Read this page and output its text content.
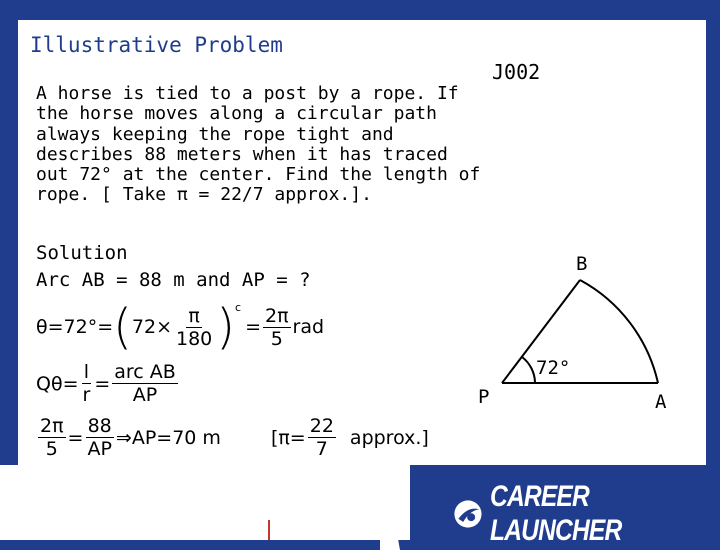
Illustrative Problem
J002

A horse is tied to a post by a rope. If

the horse moves along a circular path

always keeping the rope tight and

describes 88 meters when it has traced

out 72° at the center. Find the length of

rope. [ Take π = 22/7 approx.].

Solution

Arc AB = 88 m and AP = ?

θ=72°= ( $72\times \frac{\pi}{180} )^c$
= $\frac{2\pi}{5}$ rad
$Q\theta= \frac{l}{r} = \frac{\text{arc AB}}{AP}$
$\frac{2\pi}{5} = \frac{88}{AP}$ ⇒AP=70 m	[$\pi= \frac{22}{7}$ approx.]
B
P	A
72°
CAREER LAUNCHER
